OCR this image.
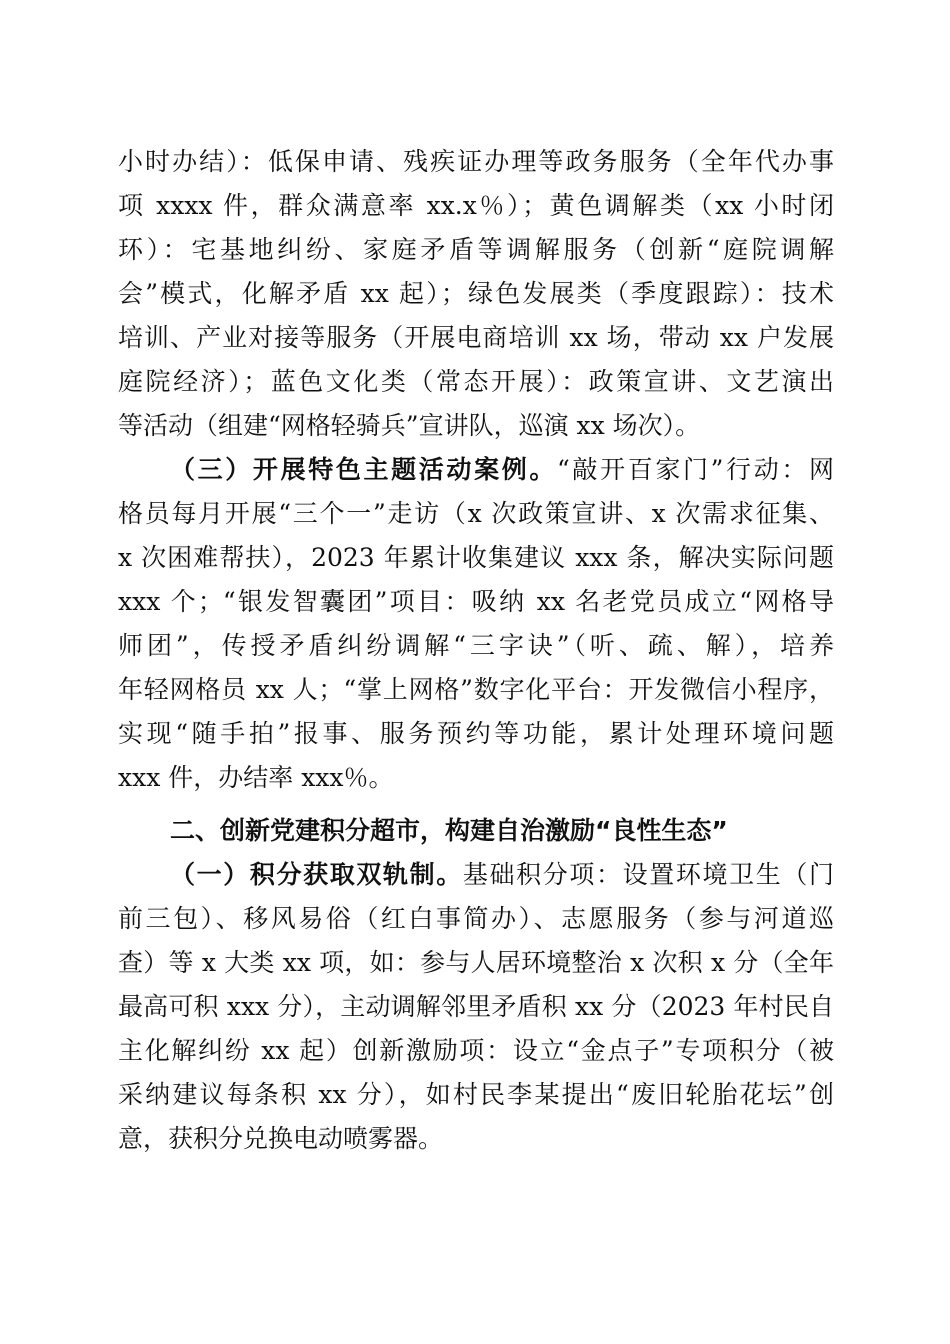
小时办结）：低保申请、残疾证办理等政务服务（全年代办事
项 xxxx 件，群众满意率 xx.x％）；黄色调解类（xx 小时闭
环）：宅基地纠纷、家庭矛盾等调解服务（创新“庭院调解
会”模式，化解矛盾 xx 起）；绿色发展类（季度跟踪）：技术
培训、产业对接等服务（开展电商培训 xx 场，带动 xx 户发展
庭院经济）；蓝色文化类（常态开展）：政策宣讲、文艺演出
等活动（组建“网格轻骑兵”宣讲队，巡演 xx 场次）。
（三）开展特色主题活动案例。“敲开百家门”行动：网
格员每月开展“三个一”走访（x 次政策宣讲、x 次需求征集、
x 次困难帮扶），2023 年累计收集建议 xxx 条，解决实际问题
xxx 个；“银发智囊团”项目：吸纳 xx 名老党员成立“网格导
师团”，传授矛盾纠纷调解“三字诀”（听、疏、解），培养
年轻网格员 xx 人；“掌上网格”数字化平台：开发微信小程序，
实现“随手拍”报事、服务预约等功能，累计处理环境问题
xxx 件，办结率 xxx％。
二、创新党建积分超市，构建自治激励“良性生态”
（一）积分获取双轨制。基础积分项：设置环境卫生（门
前三包）、移风易俗（红白事简办）、志愿服务（参与河道巡
查）等 x 大类 xx 项，如：参与人居环境整治 x 次积 x 分（全年
最高可积 xxx 分），主动调解邻里矛盾积 xx 分（2023 年村民自
主化解纠纷 xx 起）创新激励项：设立“金点子”专项积分（被
采纳建议每条积 xx 分），如村民李某提出“废旧轮胎花坛”创
意，获积分兑换电动喷雾器。
